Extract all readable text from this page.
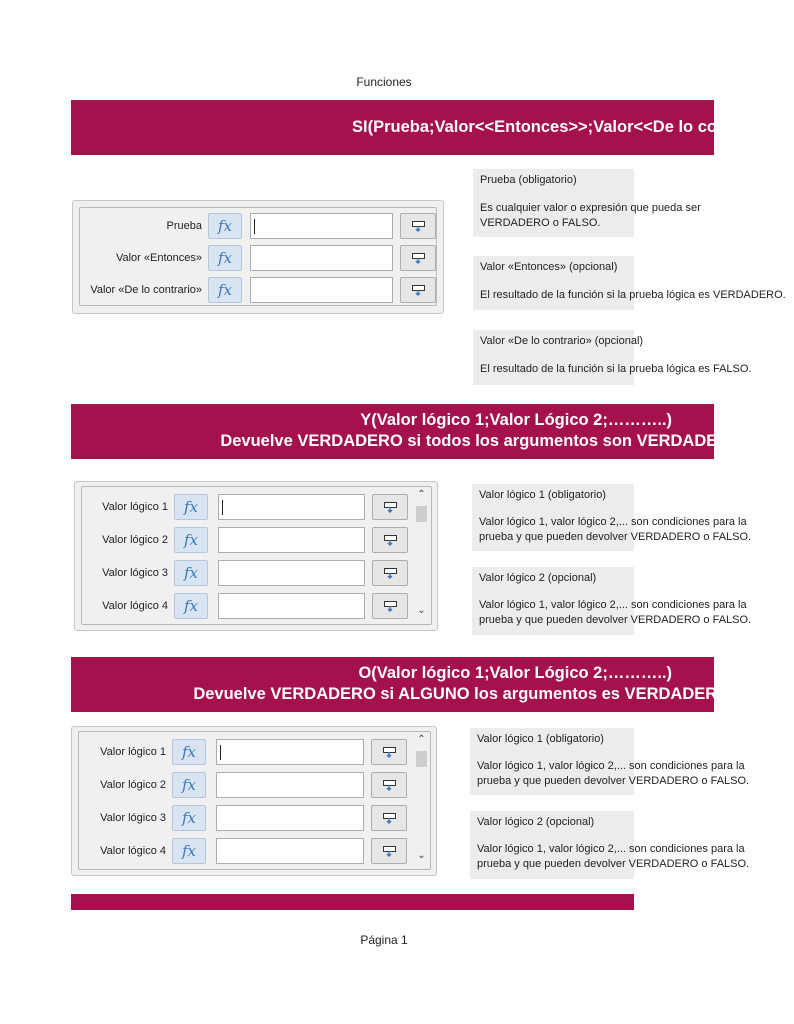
Funciones
SI(Prueba;Valor<<Entonces>>;Valor<<De lo contrario>>)
Prueba	fx
Valor «Entonces»	fx
Valor «De lo contrario»	fx
Prueba (obligatorio)
Es cualquier valor o expresión que pueda ser
VERDADERO o FALSO.
Valor «Entonces» (opcional)
El resultado de la función si la prueba lógica es VERDADERO.
Valor «De lo contrario» (opcional)
El resultado de la función si la prueba lógica es FALSO.
Y(Valor lógico 1;Valor Lógico 2;………..)
Devuelve VERDADERO si todos los argumentos son VERDADERO
Valor lógico 1	fx
Valor lógico 2	fx
Valor lógico 3	fx
Valor lógico 4	fx
⌃
⌄
Valor lógico 1 (obligatorio)
Valor lógico 1, valor lógico 2,... son condiciones para la
prueba y que pueden devolver VERDADERO o FALSO.
Valor lógico 2 (opcional)
Valor lógico 1, valor lógico 2,... son condiciones para la
prueba y que pueden devolver VERDADERO o FALSO.
O(Valor lógico 1;Valor Lógico 2;………..)
Devuelve VERDADERO si ALGUNO los argumentos es VERDADERO
Valor lógico 1	fx
Valor lógico 2	fx
Valor lógico 3	fx
Valor lógico 4	fx
⌃
⌄
Valor lógico 1 (obligatorio)
Valor lógico 1, valor lógico 2,... son condiciones para la
prueba y que pueden devolver VERDADERO o FALSO.
Valor lógico 2 (opcional)
Valor lógico 1, valor lógico 2,... son condiciones para la
prueba y que pueden devolver VERDADERO o FALSO.
Página 1
